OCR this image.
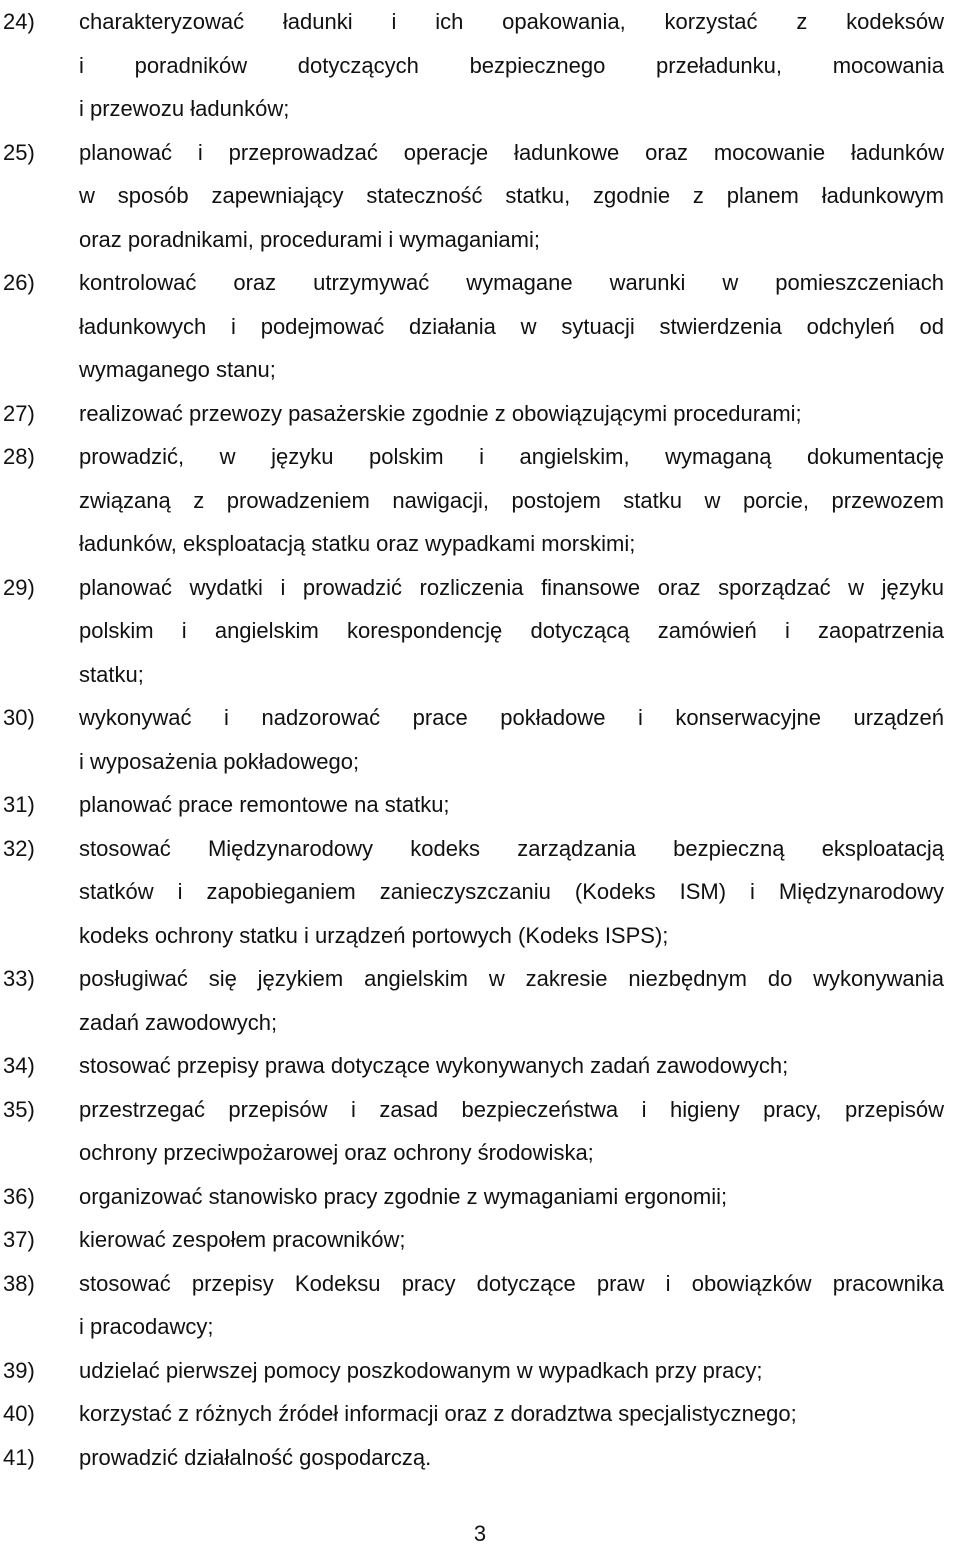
24)	charakteryzować ładunki i ich opakowania, korzystać z kodeksów
i poradników dotyczących bezpiecznego przeładunku, mocowania
i przewozu ładunków;
25)	planować i przeprowadzać operacje ładunkowe oraz mocowanie ładunków
w sposób zapewniający stateczność statku, zgodnie z planem ładunkowym
oraz poradnikami, procedurami i wymaganiami;
26)	kontrolować oraz utrzymywać wymagane warunki w pomieszczeniach
ładunkowych i podejmować działania w sytuacji stwierdzenia odchyleń od
wymaganego stanu;
27)	realizować przewozy pasażerskie zgodnie z obowiązującymi procedurami;
28)	prowadzić, w języku polskim i angielskim, wymaganą dokumentację
związaną z prowadzeniem nawigacji, postojem statku w porcie, przewozem
ładunków, eksploatacją statku oraz wypadkami morskimi;
29)	planować wydatki i prowadzić rozliczenia finansowe oraz sporządzać w języku
polskim i angielskim korespondencję dotyczącą zamówień i zaopatrzenia
statku;
30)	wykonywać i nadzorować prace pokładowe i konserwacyjne urządzeń
i wyposażenia pokładowego;
31)	planować prace remontowe na statku;
32)	stosować Międzynarodowy kodeks zarządzania bezpieczną eksploatacją
statków i zapobieganiem zanieczyszczaniu (Kodeks ISM) i Międzynarodowy
kodeks ochrony statku i urządzeń portowych (Kodeks ISPS);
33)	posługiwać się językiem angielskim w zakresie niezbędnym do wykonywania
zadań zawodowych;
34)	stosować przepisy prawa dotyczące wykonywanych zadań zawodowych;
35)	przestrzegać przepisów i zasad bezpieczeństwa i higieny pracy, przepisów
ochrony przeciwpożarowej oraz ochrony środowiska;
36)	organizować stanowisko pracy zgodnie z wymaganiami ergonomii;
37)	kierować zespołem pracowników;
38)	stosować przepisy Kodeksu pracy dotyczące praw i obowiązków pracownika
i pracodawcy;
39)	udzielać pierwszej pomocy poszkodowanym w wypadkach przy pracy;
40)	korzystać z różnych źródeł informacji oraz z doradztwa specjalistycznego;
41)	prowadzić działalność gospodarczą.
3
